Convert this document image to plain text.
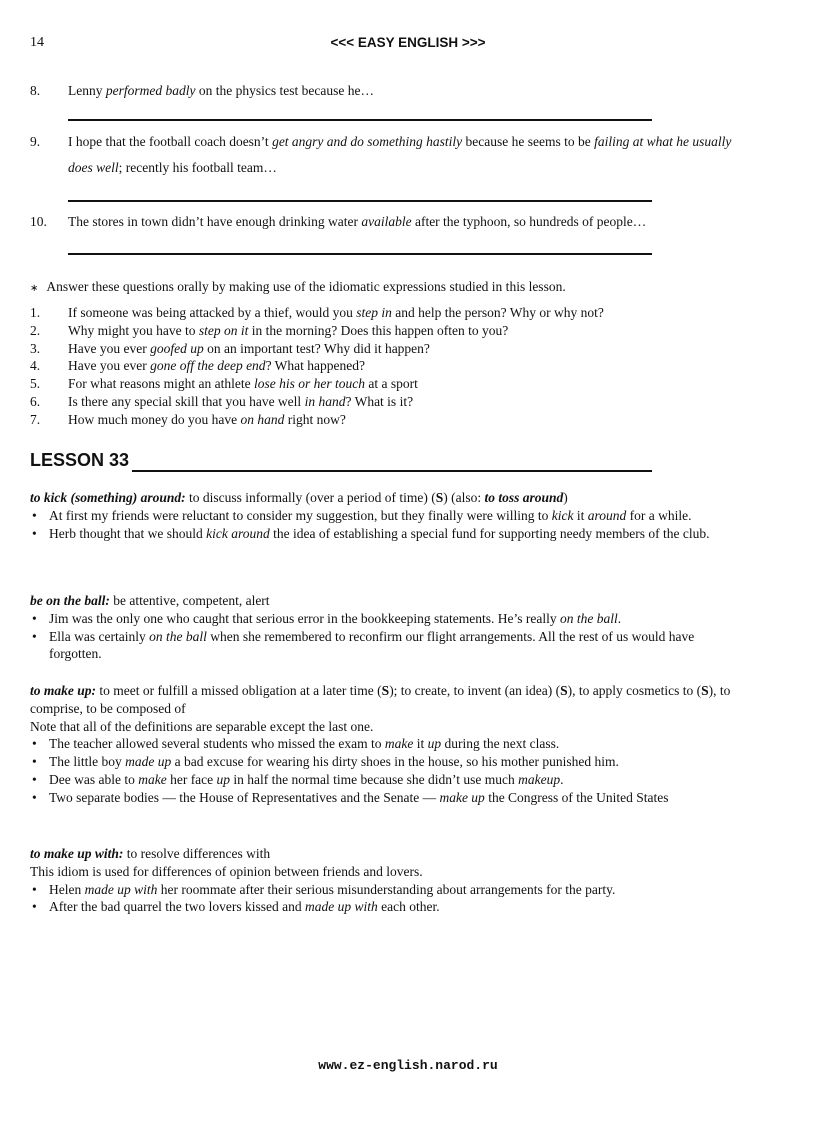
14	<<< EASY ENGLISH >>>
8. Lenny performed badly on the physics test because he…
9. I hope that the football coach doesn’t get angry and do something hastily because he seems to be failing at what he usually does well; recently his football team…
10. The stores in town didn’t have enough drinking water available after the typhoon, so hundreds of people…
∗ Answer these questions orally by making use of the idiomatic expressions studied in this lesson.
1. If someone was being attacked by a thief, would you step in and help the person? Why or why not?
2. Why might you have to step on it in the morning? Does this happen often to you?
3. Have you ever goofed up on an important test? Why did it happen?
4. Have you ever gone off the deep end? What happened?
5. For what reasons might an athlete lose his or her touch at a sport
6. Is there any special skill that you have well in hand? What is it?
7. How much money do you have on hand right now?
LESSON 33

to kick (something) around: to discuss informally (over a period of time) (S) (also: to toss around)

• At first my friends were reluctant to consider my suggestion, but they finally were willing to kick it around for a while.
• Herb thought that we should kick around the idea of establishing a special fund for supporting needy members of the club.

be on the ball: be attentive, competent, alert

• Jim was the only one who caught that serious error in the bookkeeping statements. He’s really on the ball.
• Ella was certainly on the ball when she remembered to reconfirm our flight arrangements. All the rest of us would have forgotten.

to make up: to meet or fulfill a missed obligation at a later time (S); to create, to invent (an idea) (S), to apply cosmetics to (S), to comprise, to be composed of

Note that all of the definitions are separable except the last one.

• The teacher allowed several students who missed the exam to make it up during the next class.
• The little boy made up a bad excuse for wearing his dirty shoes in the house, so his mother punished him.
• Dee was able to make her face up in half the normal time because she didn’t use much makeup.
• Two separate bodies — the House of Representatives and the Senate — make up the Congress of the United States

to make up with: to resolve differences with

This idiom is used for differences of opinion between friends and lovers.

• Helen made up with her roommate after their serious misunderstanding about arrangements for the party.
• After the bad quarrel the two lovers kissed and made up with each other.
www.ez-english.narod.ru
